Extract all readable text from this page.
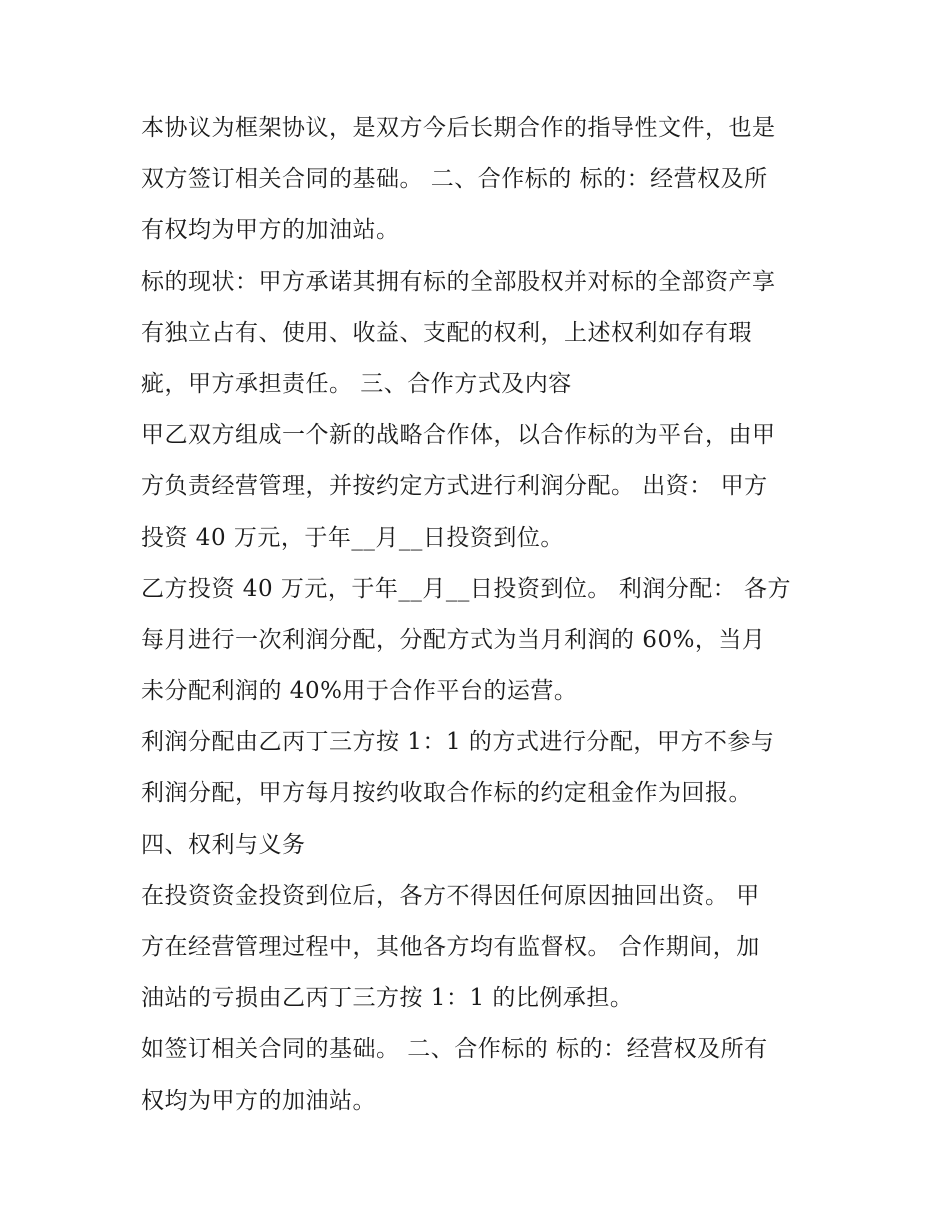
本协议为框架协议，是双方今后长期合作的指导性文件，也是
双方签订相关合同的基础。 二、合作标的 标的：经营权及所
有权均为甲方的加油站。
标的现状：甲方承诺其拥有标的全部股权并对标的全部资产享
有独立占有、使用、收益、支配的权利，上述权利如存有瑕
疵，甲方承担责任。 三、合作方式及内容
甲乙双方组成一个新的战略合作体，以合作标的为平台，由甲
方负责经营管理，并按约定方式进行利润分配。 出资： 甲方
投资 40 万元，于年__月__日投资到位。
乙方投资 40 万元，于年__月__日投资到位。 利润分配： 各方
每月进行一次利润分配，分配方式为当月利润的 60%，当月
未分配利润的 40%用于合作平台的运营。
利润分配由乙丙丁三方按 1：1 的方式进行分配，甲方不参与
利润分配，甲方每月按约收取合作标的约定租金作为回报。
四、权利与义务
在投资资金投资到位后，各方不得因任何原因抽回出资。 甲
方在经营管理过程中，其他各方均有监督权。 合作期间，加
油站的亏损由乙丙丁三方按 1：1 的比例承担。
如签订相关合同的基础。 二、合作标的 标的：经营权及所有
权均为甲方的加油站。
